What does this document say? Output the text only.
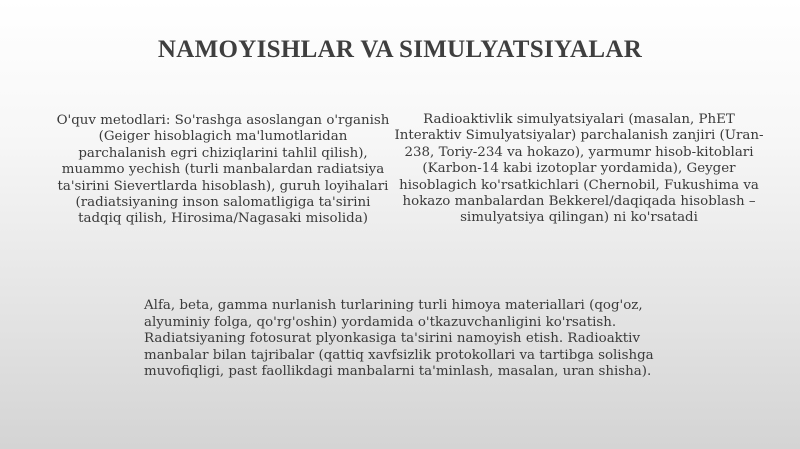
NAMOYISHLAR VA SIMULYATSIYALAR

O'quv metodlari: So'rashga asoslangan o'rganish (Geiger hisoblagich ma'lumotlaridan parchalanish egri chiziqlarini tahlil qilish), muammo yechish (turli manbalardan radiatsiya ta'sirini Sievertlarda hisoblash), guruh loyihalari (radiatsiyaning inson salomatligiga ta'sirini tadqiq qilish, Hirosima/Nagasaki misolida)

Radioaktivlik simulyatsiyalari (masalan, PhET Interaktiv Simulyatsiyalar) parchalanish zanjiri (Uran-238, Toriy-234 va hokazo), yarmumr hisob-kitoblari (Karbon-14 kabi izotoplar yordamida), Geyger hisoblagich ko'rsatkichlari (Chernobil, Fukushima va hokazo manbalardan Bekkerel/daqiqada hisoblash – simulyatsiya qilingan) ni ko'rsatadi

Alfa, beta, gamma nurlanish turlarining turli himoya materiallari (qog'oz, alyuminiy folga, qo'rg'oshin) yordamida o'tkazuvchanligini ko'rsatish. Radiatsiyaning fotosurat plyonkasiga ta'sirini namoyish etish. Radioaktiv manbalar bilan tajribalar (qattiq xavfsizlik protokollari va tartibga solishga muvofiqligi, past faollikdagi manbalarni ta'minlash, masalan, uran shisha).
